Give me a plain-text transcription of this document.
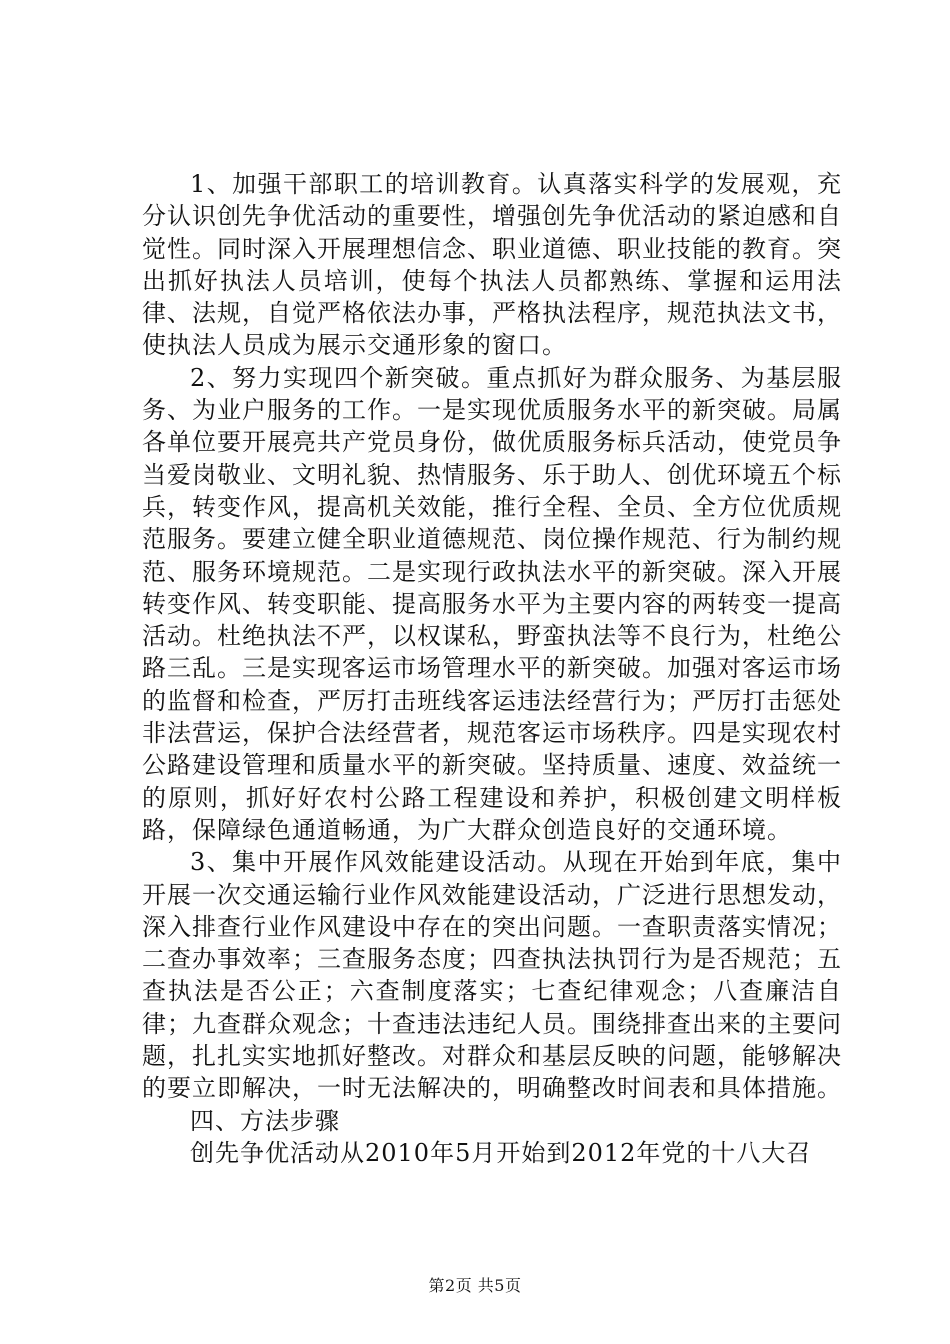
1、加强干部职工的培训教育。认真落实科学的发展观，充分认识创先争优活动的重要性，增强创先争优活动的紧迫感和自觉性。同时深入开展理想信念、职业道德、职业技能的教育。突出抓好执法人员培训，使每个执法人员都熟练、掌握和运用法律、法规，自觉严格依法办事，严格执法程序，规范执法文书，使执法人员成为展示交通形象的窗口。

2、努力实现四个新突破。重点抓好为群众服务、为基层服务、为业户服务的工作。一是实现优质服务水平的新突破。局属各单位要开展亮共产党员身份，做优质服务标兵活动，使党员争当爱岗敬业、文明礼貌、热情服务、乐于助人、创优环境五个标兵，转变作风，提高机关效能，推行全程、全员、全方位优质规范服务。要建立健全职业道德规范、岗位操作规范、行为制约规范、服务环境规范。二是实现行政执法水平的新突破。深入开展转变作风、转变职能、提高服务水平为主要内容的两转变一提高活动。杜绝执法不严，以权谋私，野蛮执法等不良行为，杜绝公路三乱。三是实现客运市场管理水平的新突破。加强对客运市场的监督和检查，严厉打击班线客运违法经营行为；严厉打击惩处非法营运，保护合法经营者，规范客运市场秩序。四是实现农村公路建设管理和质量水平的新突破。坚持质量、速度、效益统一的原则，抓好好农村公路工程建设和养护，积极创建文明样板路，保障绿色通道畅通，为广大群众创造良好的交通环境。

3、集中开展作风效能建设活动。从现在开始到年底，集中开展一次交通运输行业作风效能建设活动，广泛进行思想发动，深入排查行业作风建设中存在的突出问题。一查职责落实情况；二查办事效率；三查服务态度；四查执法执罚行为是否规范；五查执法是否公正；六查制度落实；七查纪律观念；八查廉洁自律；九查群众观念；十查违法违纪人员。围绕排查出来的主要问题，扎扎实实地抓好整改。对群众和基层反映的问题，能够解决的要立即解决，一时无法解决的，明确整改时间表和具体措施。

四、方法步骤

创先争优活动从2010年5月开始到2012年党的十八大召

第2页 共5页
